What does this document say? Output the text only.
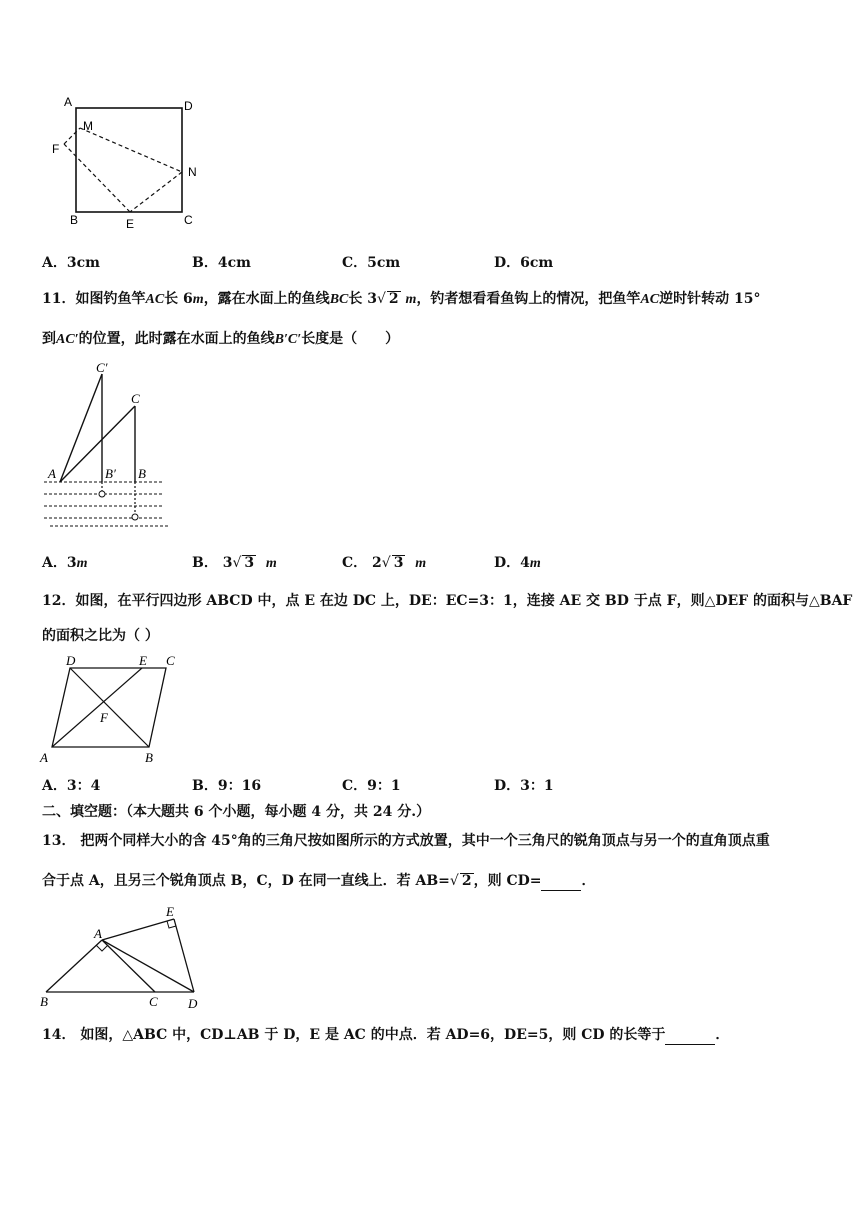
A	D
M
F
N
B	E	C
A．3cm	B．4cm	C．5cm	D．6cm
11．如图钓鱼竿AC长 6m，露在水面上的鱼线BC长 3√ 2 m，钓者想看看鱼钩上的情况，把鱼竿AC逆时针转动 15°
到AC′的位置，此时露在水面上的鱼线B′C′长度是（　　）
C′
C
A	B′ B
A．3m	B． 3√ 3 m	C． 2√ 3 m	D．4m
12．如图，在平行四边形 ABCD 中，点 E 在边 DC 上，DE：EC=3：1，连接 AE 交 BD 于点 F，则△DEF 的面积与△BAF
的面积之比为（ ）
D	E C
F
A	B
A．3：4	B．9：16	C．9：1	D．3：1
二、填空题：（本大题共 6 个小题，每小题 4 分，共 24 分.）
13． 把两个同样大小的含 45°角的三角尺按如图所示的方式放置，其中一个三角尺的锐角顶点与另一个的直角顶点重
合于点 A，且另三个锐角顶点 B，C，D 在同一直线上．若 AB=√ 2 ，则 CD=	．
E
A
B	C D
14． 如图，△ABC 中，CD⊥AB 于 D，E 是 AC 的中点．若 AD=6，DE=5，则 CD 的长等于	．
